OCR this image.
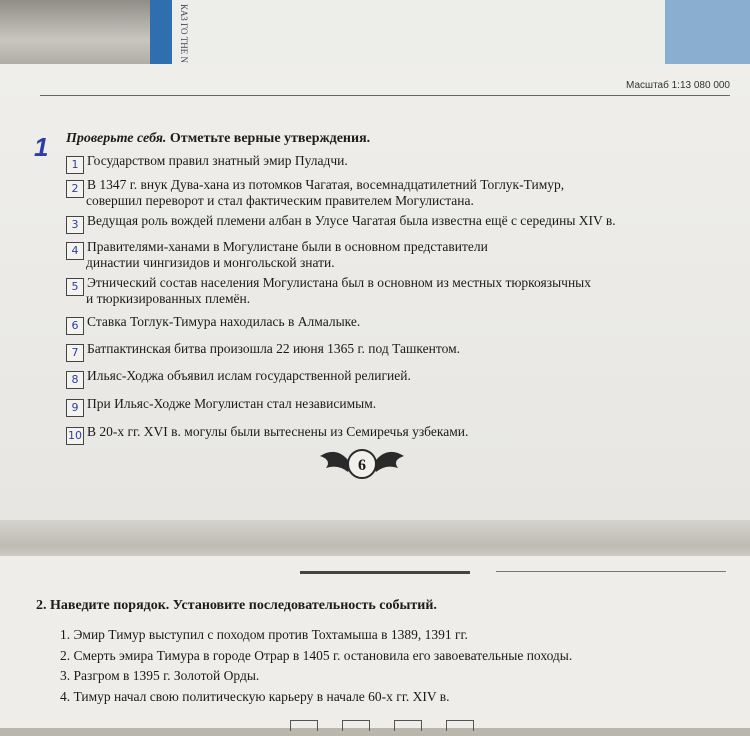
КАЗ ГО THE N
Масштаб 1:13 080 000
1 Проверьте себя. Отметьте верные утверждения.
1 Государством правил знатный эмир Пуладчи.
2 В 1347 г. внук Дува-хана из потомков Чагатая, восемнадцатилетний Тоглук-Тимур,
совершил переворот и стал фактическим правителем Могулистана.
3 Ведущая роль вождей племени албан в Улусе Чагатая была известна ещё с середины XIV в.
4 Правителями-ханами в Могулистане были в основном представители
династии чингизидов и монгольской знати.
5 Этнический состав населения Могулистана был в основном из местных тюркоязычных
и тюркизированных племён.
6 Ставка Тоглук-Тимура находилась в Алмалыке.
7 Батпактинская битва произошла 22 июня 1365 г. под Ташкентом.
8 Ильяс-Ходжа объявил ислам государственной религией.
9 При Ильяс-Ходже Могулистан стал независимым.
10 В 20-х гг. XVI в. могулы были вытеснены из Семиречья узбеками.
6
2. Наведите порядок. Установите последовательность событий.
1. Эмир Тимур выступил с походом против Тохтамыша в 1389, 1391 гг.
2. Смерть эмира Тимура в городе Отрар в 1405 г. остановила его завоевательные походы.
3. Разгром в 1395 г. Золотой Орды.
4. Тимур начал свою политическую карьеру в начале 60-х гг. XIV в.
